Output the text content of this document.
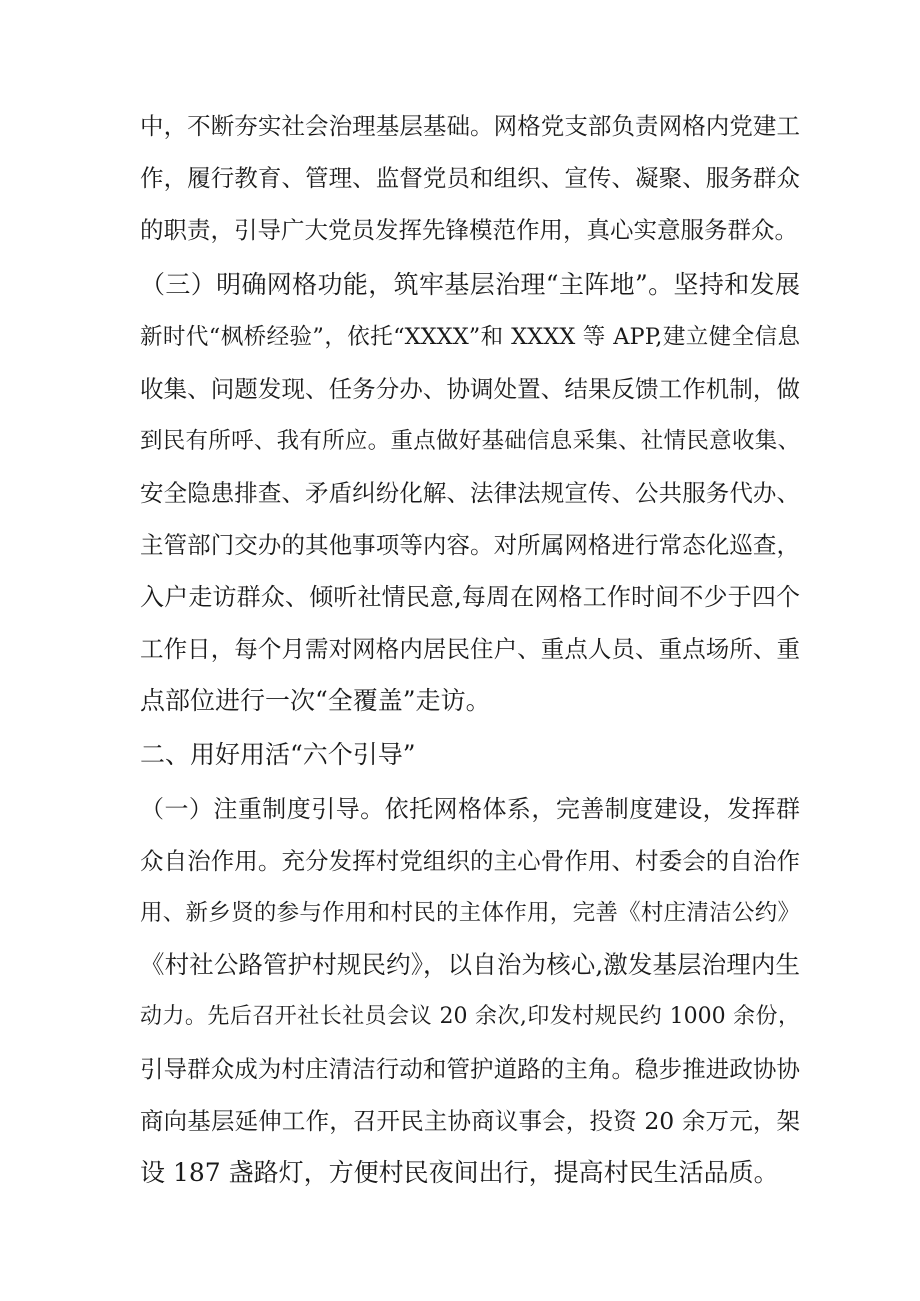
中，不断夯实社会治理基层基础。网格党支部负责网格内党建工
作，履行教育、管理、监督党员和组织、宣传、凝聚、服务群众
的职责，引导广大党员发挥先锋模范作用，真心实意服务群众。
（三）明确网格功能，筑牢基层治理“主阵地”。坚持和发展
新时代“枫桥经验”，依托“XXXX”和 XXXX 等 APP,建立健全信息
收集、问题发现、任务分办、协调处置、结果反馈工作机制，做
到民有所呼、我有所应。重点做好基础信息采集、社情民意收集、
安全隐患排查、矛盾纠纷化解、法律法规宣传、公共服务代办、
主管部门交办的其他事项等内容。对所属网格进行常态化巡查，
入户走访群众、倾听社情民意,每周在网格工作时间不少于四个
工作日，每个月需对网格内居民住户、重点人员、重点场所、重
点部位进行一次“全覆盖”走访。
二、用好用活“六个引导”
（一）注重制度引导。依托网格体系，完善制度建设，发挥群
众自治作用。充分发挥村党组织的主心骨作用、村委会的自治作
用、新乡贤的参与作用和村民的主体作用，完善《村庄清洁公约》
《村社公路管护村规民约》，以自治为核心,激发基层治理内生
动力。先后召开社长社员会议 20 余次,印发村规民约 1000 余份，
引导群众成为村庄清洁行动和管护道路的主角。稳步推进政协协
商向基层延伸工作，召开民主协商议事会，投资 20 余万元，架
设 187 盏路灯，方便村民夜间出行，提高村民生活品质。
